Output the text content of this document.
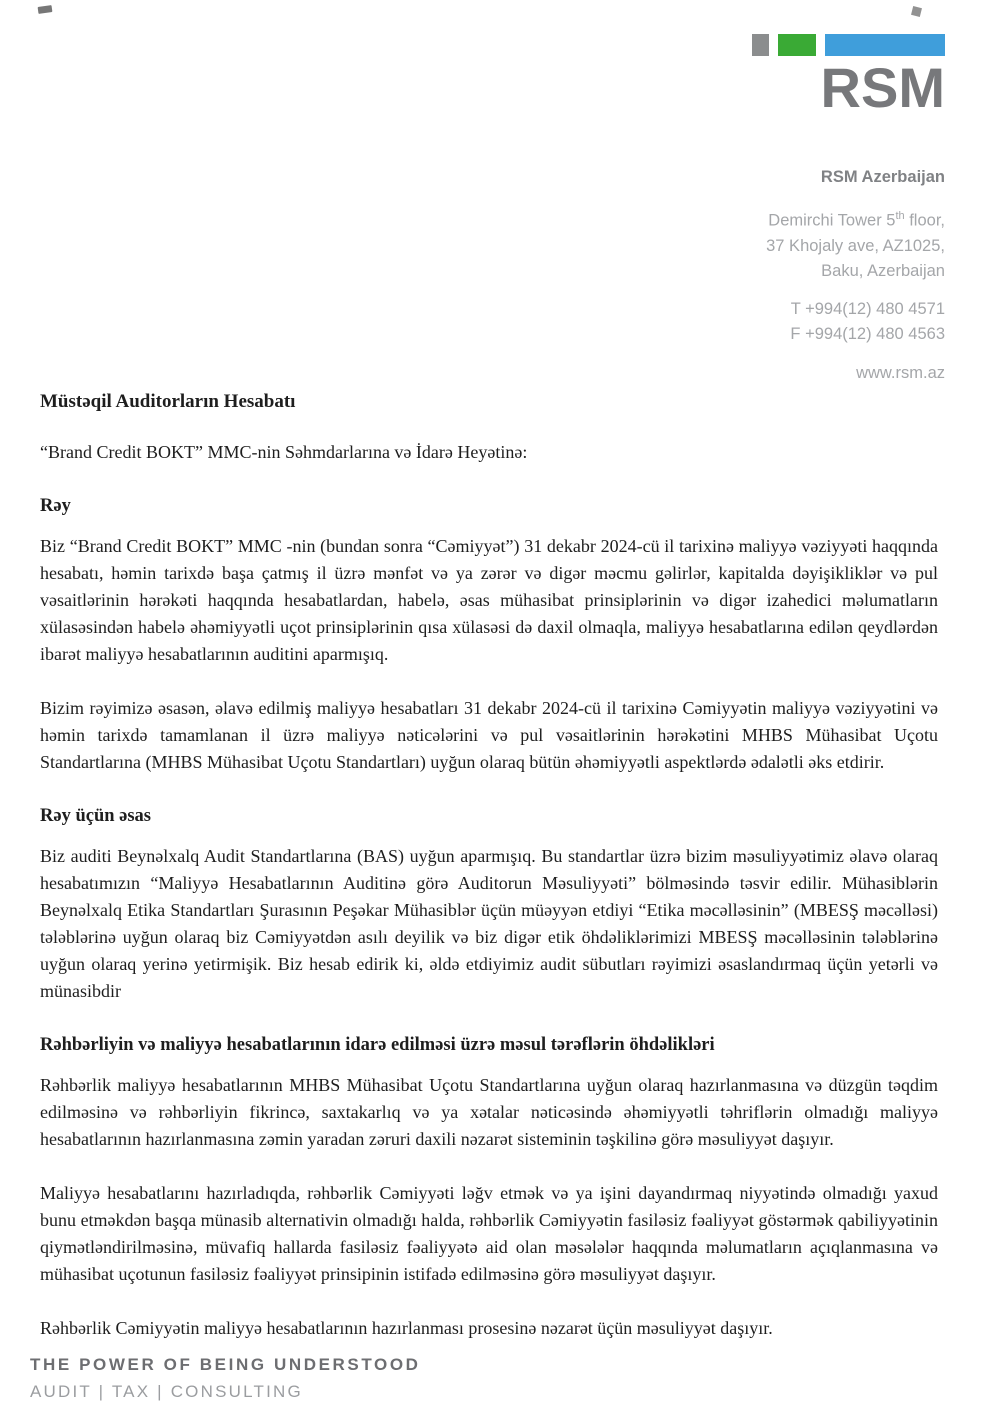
RSM
RSM Azerbaijan
Demirchi Tower 5th floor,
37 Khojaly ave, AZ1025,
Baku, Azerbaijan
T +994(12) 480 4571
F +994(12) 480 4563
www.rsm.az
Müstəqil Auditorların Hesabatı

“Brand Credit BOKT” MMC-nin Səhmdarlarına və İdarə Heyətinə:

Rəy

Biz “Brand Credit BOKT” MMC -nin (bundan sonra “Cəmiyyət”) 31 dekabr 2024-cü il tarixinə maliyyə vəziyyəti haqqında hesabatı, həmin tarixdə başa çatmış il üzrə mənfət və ya zərər və digər məcmu gəlirlər, kapitalda dəyişikliklər və pul vəsaitlərinin hərəkəti haqqında hesabatlardan, habelə, əsas mühasibat prinsiplərinin və digər izahedici məlumatların xülasəsindən habelə əhəmiyyətli uçot prinsiplərinin qısa xülasəsi də daxil olmaqla, maliyyə hesabatlarına edilən qeydlərdən ibarət maliyyə hesabatlarının auditini aparmışıq.

Bizim rəyimizə əsasən, əlavə edilmiş maliyyə hesabatları 31 dekabr 2024-cü il tarixinə Cəmiyyətin maliyyə vəziyyətini və həmin tarixdə tamamlanan il üzrə maliyyə nəticələrini və pul vəsaitlərinin hərəkətini MHBS Mühasibat Uçotu Standartlarına (MHBS Mühasibat Uçotu Standartları) uyğun olaraq bütün əhəmiyyətli aspektlərdə ədalətli əks etdirir.

Rəy üçün əsas

Biz auditi Beynəlxalq Audit Standartlarına (BAS) uyğun aparmışıq. Bu standartlar üzrə bizim məsuliyyətimiz əlavə olaraq hesabatımızın “Maliyyə Hesabatlarının Auditinə görə Auditorun Məsuliyyəti” bölməsində təsvir edilir. Mühasiblərin Beynəlxalq Etika Standartları Şurasının Peşəkar Mühasiblər üçün müəyyən etdiyi “Etika məcəlləsinin” (MBESŞ məcəlləsi) tələblərinə uyğun olaraq biz Cəmiyyətdən asılı deyilik və biz digər etik öhdəliklərimizi MBESŞ məcəlləsinin tələblərinə uyğun olaraq yerinə yetirmişik. Biz hesab edirik ki, əldə etdiyimiz audit sübutları rəyimizi əsaslandırmaq üçün yetərli və münasibdir

Rəhbərliyin və maliyyə hesabatlarının idarə edilməsi üzrə məsul tərəflərin öhdəlikləri

Rəhbərlik maliyyə hesabatlarının MHBS Mühasibat Uçotu Standartlarına uyğun olaraq hazırlanmasına və düzgün təqdim edilməsinə və rəhbərliyin fikrincə, saxtakarlıq və ya xətalar nəticəsində əhəmiyyətli təhriflərin olmadığı maliyyə hesabatlarının hazırlanmasına zəmin yaradan zəruri daxili nəzarət sisteminin təşkilinə görə məsuliyyət daşıyır.

Maliyyə hesabatlarını hazırladıqda, rəhbərlik Cəmiyyəti ləğv etmək və ya işini dayandırmaq niyyətində olmadığı yaxud bunu etməkdən başqa münasib alternativin olmadığı halda, rəhbərlik Cəmiyyətin fasiləsiz fəaliyyət göstərmək qabiliyyətinin qiymətləndirilməsinə, müvafiq hallarda fasiləsiz fəaliyyətə aid olan məsələlər haqqında məlumatların açıqlanmasına və mühasibat uçotunun fasiləsiz fəaliyyət prinsipinin istifadə edilməsinə görə məsuliyyət daşıyır.

Rəhbərlik Cəmiyyətin maliyyə hesabatlarının hazırlanması prosesinə nəzarət üçün məsuliyyət daşıyır.

THE POWER OF BEING UNDERSTOOD
AUDIT | TAX | CONSULTING
